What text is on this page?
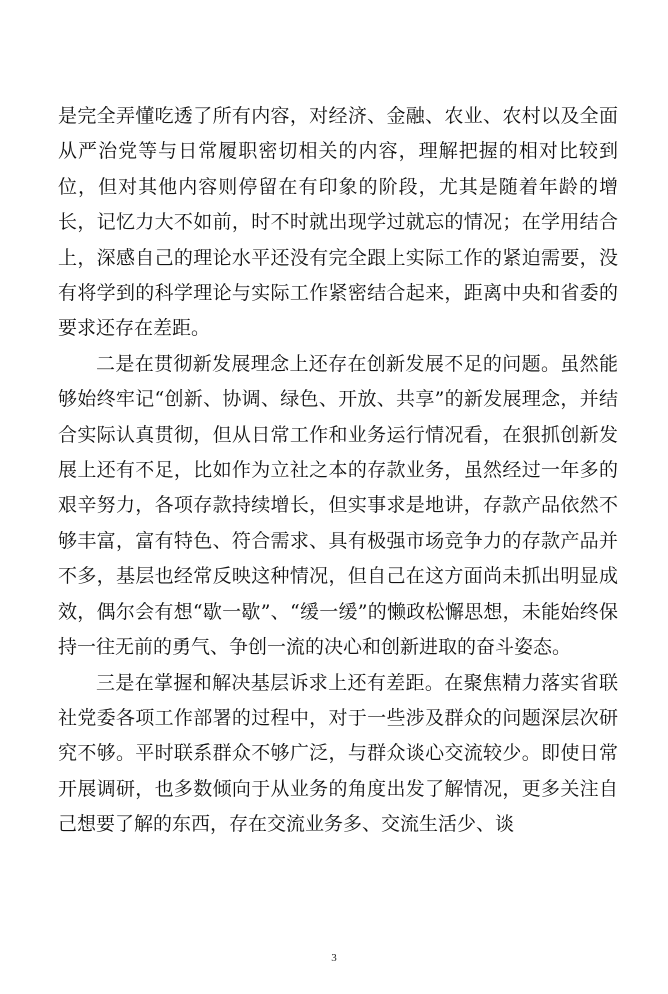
是完全弄懂吃透了所有内容，对经济、金融、农业、农村以及全面从严治党等与日常履职密切相关的内容，理解把握的相对比较到位，但对其他内容则停留在有印象的阶段，尤其是随着年龄的增长，记忆力大不如前，时不时就出现学过就忘的情况；在学用结合上，深感自己的理论水平还没有完全跟上实际工作的紧迫需要，没有将学到的科学理论与实际工作紧密结合起来，距离中央和省委的要求还存在差距。

二是在贯彻新发展理念上还存在创新发展不足的问题。虽然能够始终牢记“创新、协调、绿色、开放、共享”的新发展理念，并结合实际认真贯彻，但从日常工作和业务运行情况看，在狠抓创新发展上还有不足，比如作为立社之本的存款业务，虽然经过一年多的艰辛努力，各项存款持续增长，但实事求是地讲，存款产品依然不够丰富，富有特色、符合需求、具有极强市场竞争力的存款产品并不多，基层也经常反映这种情况，但自己在这方面尚未抓出明显成效，偶尔会有想“歇一歇”、“缓一缓”的懒政松懈思想，未能始终保持一往无前的勇气、争创一流的决心和创新进取的奋斗姿态。

三是在掌握和解决基层诉求上还有差距。在聚焦精力落实省联社党委各项工作部署的过程中，对于一些涉及群众的问题深层次研究不够。平时联系群众不够广泛，与群众谈心交流较少。即使日常开展调研，也多数倾向于从业务的角度出发了解情况，更多关注自己想要了解的东西，存在交流业务多、交流生活少、谈

3
